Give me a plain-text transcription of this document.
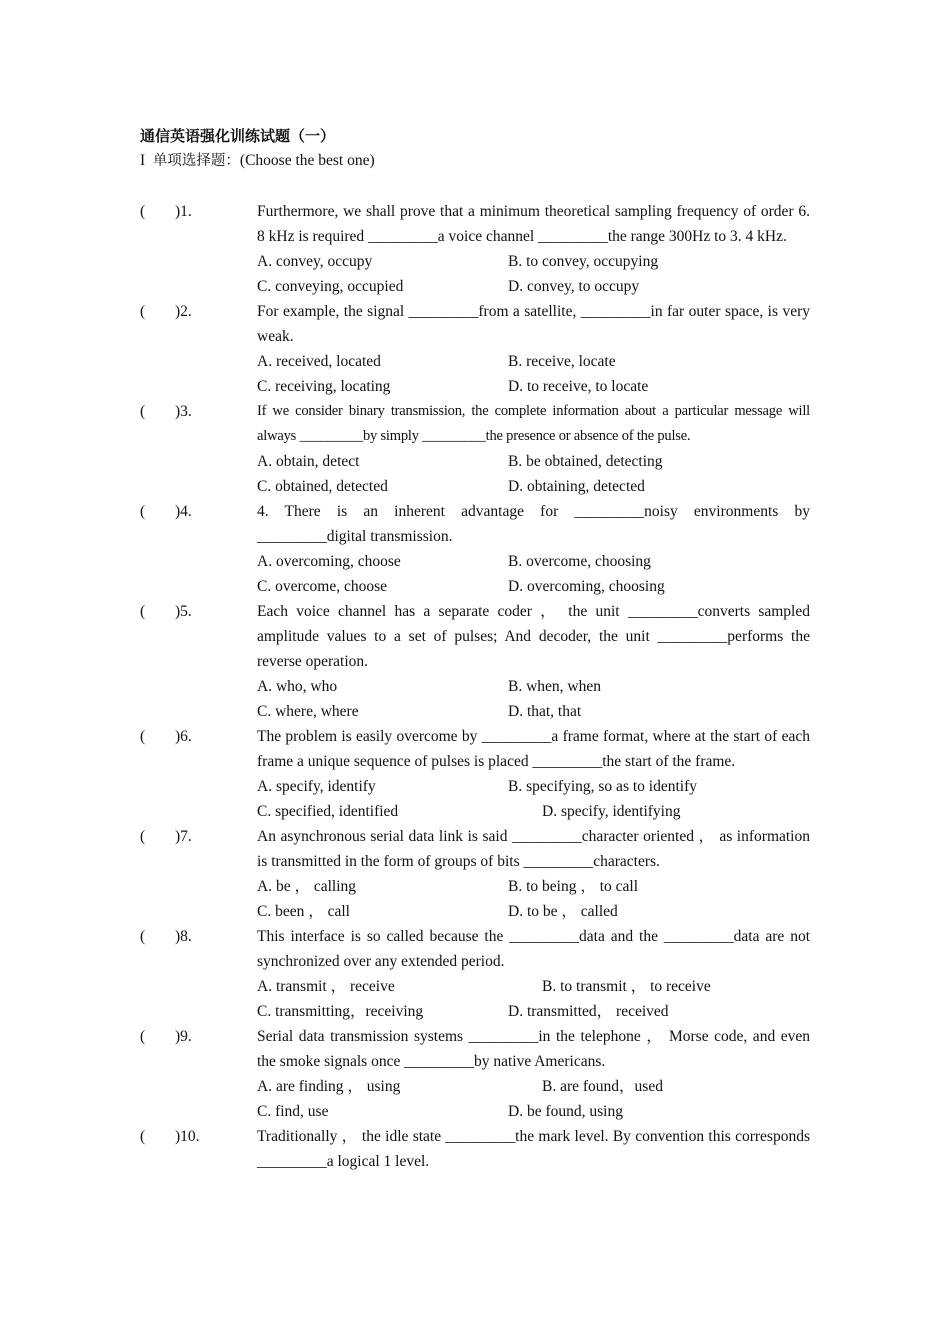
通信英语强化训练试题（一）
I 单项选择题：(Choose the best one)
( )1.	Furthermore, we shall prove that a minimum theoretical sampling frequency of order 6. 8 kHz is required _________a voice channel _________the range 300Hz to 3. 4 kHz.

A. convey, occupy	B. to convey, occupying
C. conveying, occupied	D. convey, to occupy
( )2.	For example, the signal _________from a satellite, _________in far outer space, is very weak.

A. received, located	B. receive, locate
C. receiving, locating	D. to receive, to locate
( )3.	If we consider binary transmission, the complete information about a particular message will always _________by simply _________the presence or absence of the pulse.

A. obtain, detect	B. be obtained, detecting
C. obtained, detected	D. obtaining, detected
( )4.	4. There is an inherent advantage for _________noisy environments by _________digital transmission.

A. overcoming, choose	B. overcome, choosing
C. overcome, choose	D. overcoming, choosing
( )5.	Each voice channel has a separate coder ， the unit _________converts sampled amplitude values to a set of pulses; And decoder, the unit _________performs the reverse operation.

A. who, who	B. when, when
C. where, where	D. that, that
( )6.	The problem is easily overcome by _________a frame format, where at the start of each frame a unique sequence of pulses is placed _________the start of the frame.

A. specify, identify	B. specifying, so as to identify
C. specified, identified	D. specify, identifying
( )7.	An asynchronous serial data link is said _________character oriented ， as information is transmitted in the form of groups of bits _________characters.

A. be ， calling	B. to being ， to call
C. been ， call	D. to be ， called
( )8.	This interface is so called because the _________data and the _________data are not synchronized over any extended period.

A. transmit ， receive	B. to transmit ， to receive
C. transmitting，receiving	D. transmitted， received
( )9.	Serial data transmission systems _________in the telephone ， Morse code, and even the smoke signals once _________by native Americans.

A. are finding ， using	B. are found，used
C. find, use	D. be found, using
( )10.	Traditionally ， the idle state _________the mark level. By convention this corresponds _________a logical 1 level.
